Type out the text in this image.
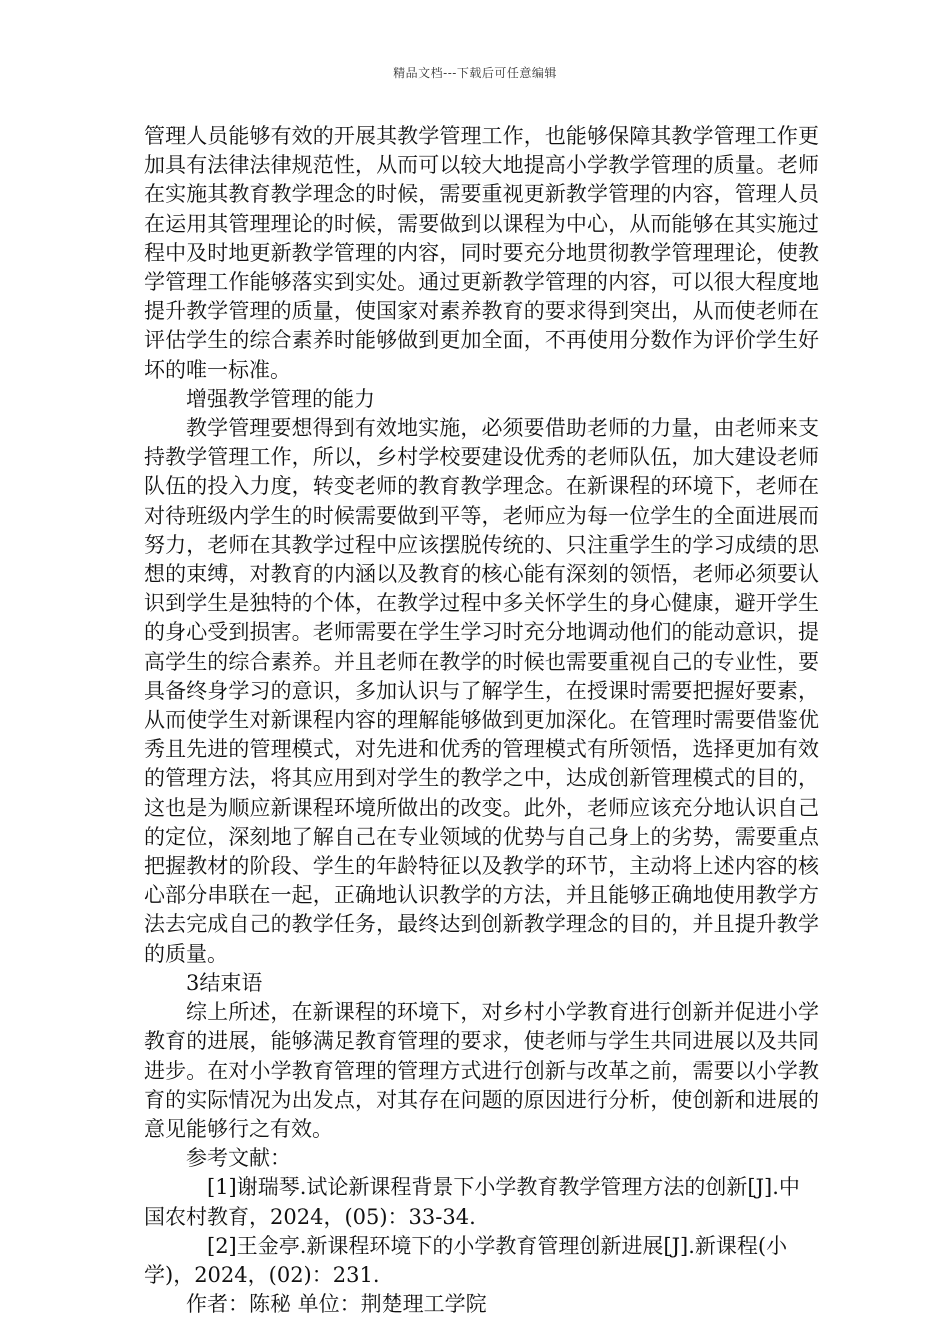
精品文档---下载后可任意编辑

管理人员能够有效的开展其教学管理工作，也能够保障其教学管理工作更加具有法律法律规范性，从而可以较大地提高小学教学管理的质量。老师在实施其教育教学理念的时候，需要重视更新教学管理的内容，管理人员在运用其管理理论的时候，需要做到以课程为中心，从而能够在其实施过程中及时地更新教学管理的内容，同时要充分地贯彻教学管理理论，使教学管理工作能够落实到实处。通过更新教学管理的内容，可以很大程度地提升教学管理的质量，使国家对素养教育的要求得到突出，从而使老师在评估学生的综合素养时能够做到更加全面，不再使用分数作为评价学生好坏的唯一标准。

增强教学管理的能力

教学管理要想得到有效地实施，必须要借助老师的力量，由老师来支持教学管理工作，所以，乡村学校要建设优秀的老师队伍，加大建设老师队伍的投入力度，转变老师的教育教学理念。在新课程的环境下，老师在对待班级内学生的时候需要做到平等，老师应为每一位学生的全面进展而努力，老师在其教学过程中应该摆脱传统的、只注重学生的学习成绩的思想的束缚，对教育的内涵以及教育的核心能有深刻的领悟，老师必须要认识到学生是独特的个体，在教学过程中多关怀学生的身心健康，避开学生的身心受到损害。老师需要在学生学习时充分地调动他们的能动意识，提高学生的综合素养。并且老师在教学的时候也需要重视自己的专业性，要具备终身学习的意识，多加认识与了解学生，在授课时需要把握好要素，从而使学生对新课程内容的理解能够做到更加深化。在管理时需要借鉴优秀且先进的管理模式，对先进和优秀的管理模式有所领悟，选择更加有效的管理方法，将其应用到对学生的教学之中，达成创新管理模式的目的，这也是为顺应新课程环境所做出的改变。此外，老师应该充分地认识自己的定位，深刻地了解自己在专业领域的优势与自己身上的劣势，需要重点把握教材的阶段、学生的年龄特征以及教学的环节，主动将上述内容的核心部分串联在一起，正确地认识教学的方法，并且能够正确地使用教学方法去完成自己的教学任务，最终达到创新教学理念的目的，并且提升教学的质量。

3结束语

综上所述，在新课程的环境下，对乡村小学教育进行创新并促进小学教育的进展，能够满足教育管理的要求，使老师与学生共同进展以及共同进步。在对小学教育管理的管理方式进行创新与改革之前，需要以小学教育的实际情况为出发点，对其存在问题的原因进行分析，使创新和进展的意见能够行之有效。

参考文献：

[1]谢瑞琴.试论新课程背景下小学教育教学管理方法的创新[J].中国农村教育，2024，(05)：33-34.

[2]王金亭.新课程环境下的小学教育管理创新进展[J].新课程(小学)，2024，(02)：231.

作者：陈秘 单位：荆楚理工学院
